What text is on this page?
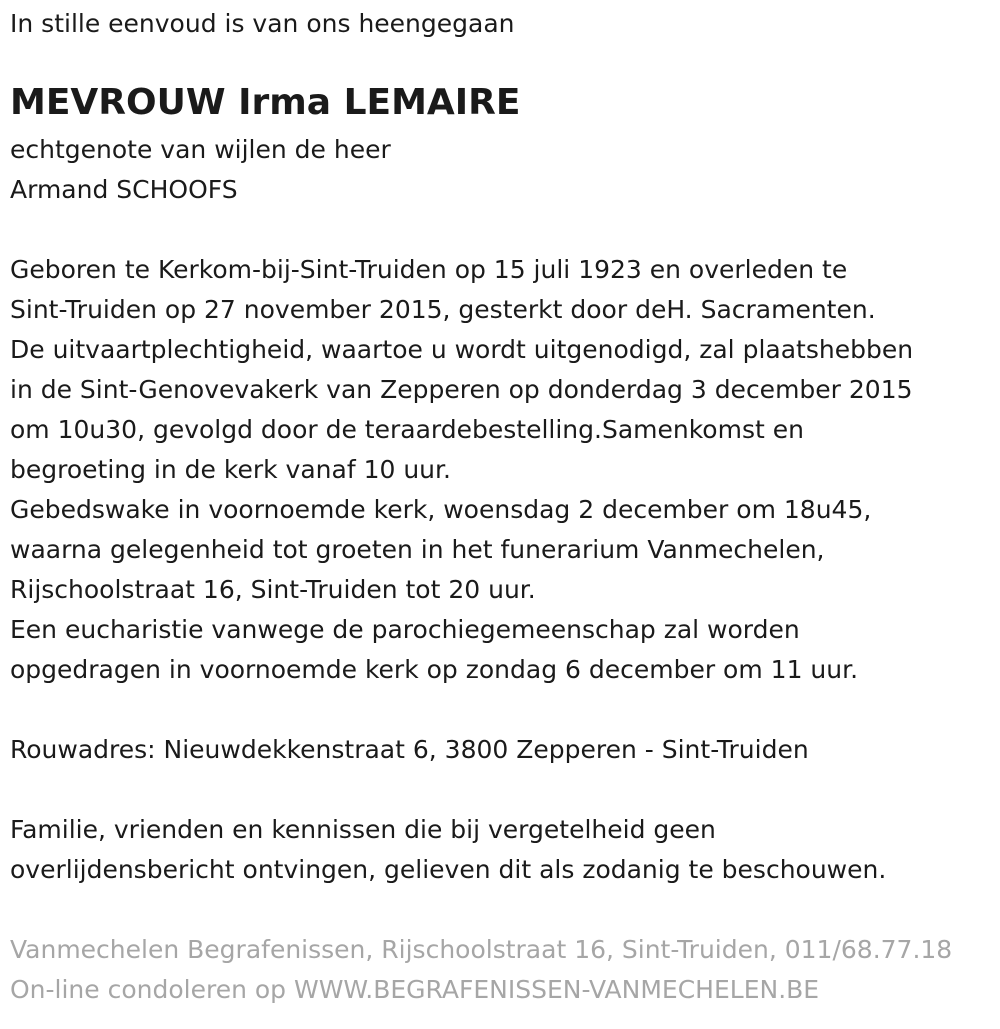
In stille eenvoud is van ons heengegaan

MEVROUW Irma LEMAIRE

echtgenote van wijlen de heer

Armand SCHOOFS

Geboren te Kerkom-bij-Sint-Truiden op 15 juli 1923 en overleden te

Sint-Truiden op 27 november 2015, gesterkt door deH. Sacramenten.

De uitvaartplechtigheid, waartoe u wordt uitgenodigd, zal plaatshebben

in de Sint-Genovevakerk van Zepperen op donderdag 3 december 2015

om 10u30, gevolgd door de teraardebestelling.Samenkomst en

begroeting in de kerk vanaf 10 uur.

Gebedswake in voornoemde kerk, woensdag 2 december om 18u45,

waarna gelegenheid tot groeten in het funerarium Vanmechelen,

Rijschoolstraat 16, Sint-Truiden tot 20 uur.

Een eucharistie vanwege de parochiegemeenschap zal worden

opgedragen in voornoemde kerk op zondag 6 december om 11 uur.

Rouwadres: Nieuwdekkenstraat 6, 3800 Zepperen - Sint-Truiden

Familie, vrienden en kennissen die bij vergetelheid geen

overlijdensbericht ontvingen, gelieven dit als zodanig te beschouwen.

Vanmechelen Begrafenissen, Rijschoolstraat 16, Sint-Truiden, 011/68.77.18

On-line condoleren op WWW.BEGRAFENISSEN-VANMECHELEN.BE
